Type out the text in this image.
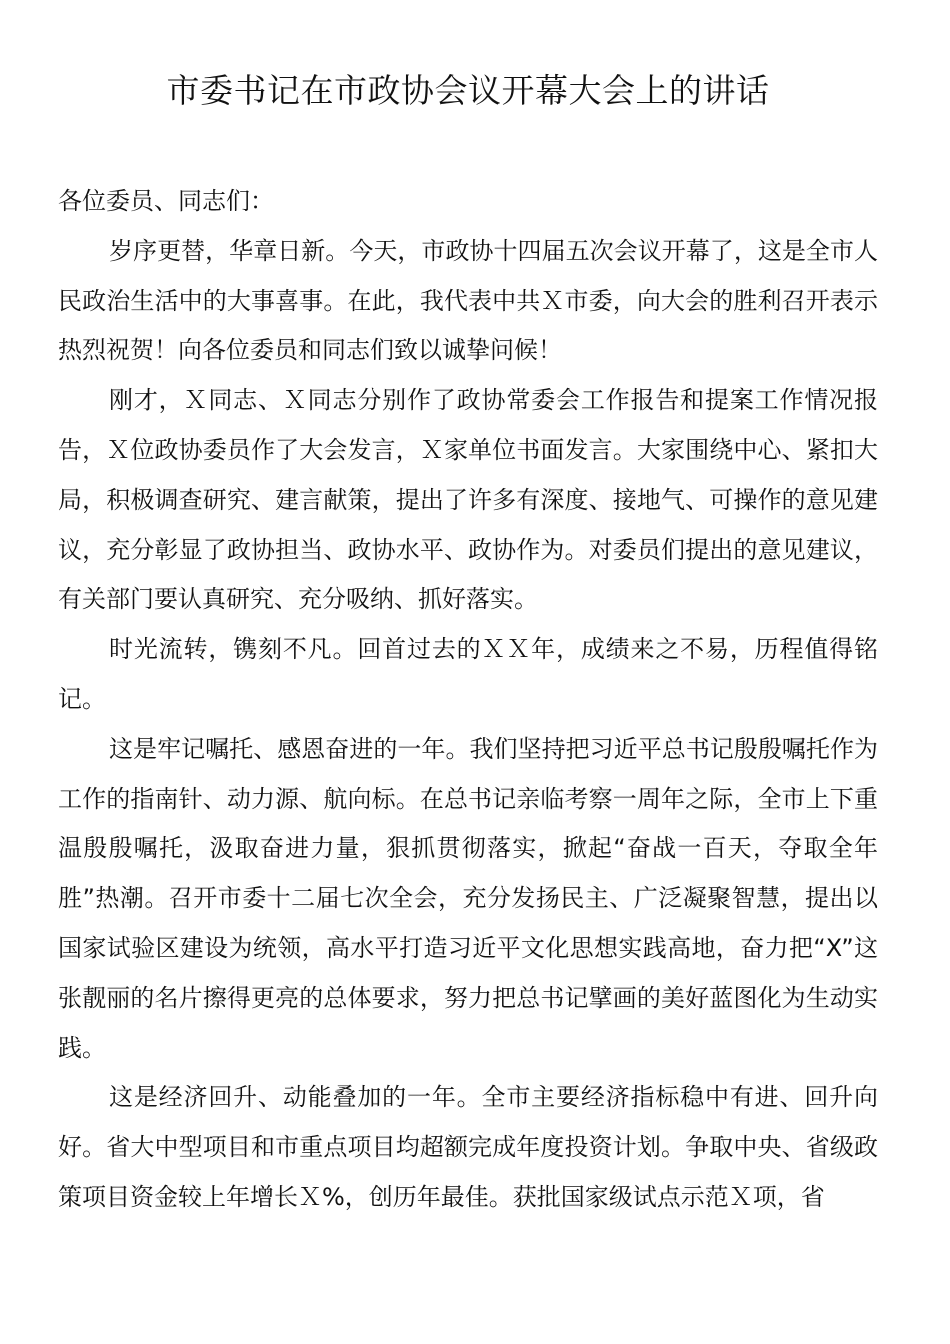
市委书记在市政协会议开幕大会上的讲话

各位委员、同志们：

岁序更替，华章日新。今天，市政协十四届五次会议开幕了，这是全市人民政治生活中的大事喜事。在此，我代表中共Ｘ市委，向大会的胜利召开表示热烈祝贺！向各位委员和同志们致以诚挚问候！

刚才，Ｘ同志、Ｘ同志分别作了政协常委会工作报告和提案工作情况报告，Ｘ位政协委员作了大会发言，Ｘ家单位书面发言。大家围绕中心、紧扣大局，积极调查研究、建言献策，提出了许多有深度、接地气、可操作的意见建议，充分彰显了政协担当、政协水平、政协作为。对委员们提出的意见建议，有关部门要认真研究、充分吸纳、抓好落实。

时光流转，镌刻不凡。回首过去的ＸＸ年，成绩来之不易，历程值得铭记。

这是牢记嘱托、感恩奋进的一年。我们坚持把习近平总书记殷殷嘱托作为工作的指南针、动力源、航向标。在总书记亲临考察一周年之际，全市上下重温殷殷嘱托，汲取奋进力量，狠抓贯彻落实，掀起“奋战一百天，夺取全年胜”热潮。召开市委十二届七次全会，充分发扬民主、广泛凝聚智慧，提出以国家试验区建设为统领，高水平打造习近平文化思想实践高地，奋力把“X”这张靓丽的名片擦得更亮的总体要求，努力把总书记擘画的美好蓝图化为生动实践。

这是经济回升、动能叠加的一年。全市主要经济指标稳中有进、回升向好。省大中型项目和市重点项目均超额完成年度投资计划。争取中央、省级政策项目资金较上年增长Ｘ%，创历年最佳。获批国家级试点示范Ｘ项，省
